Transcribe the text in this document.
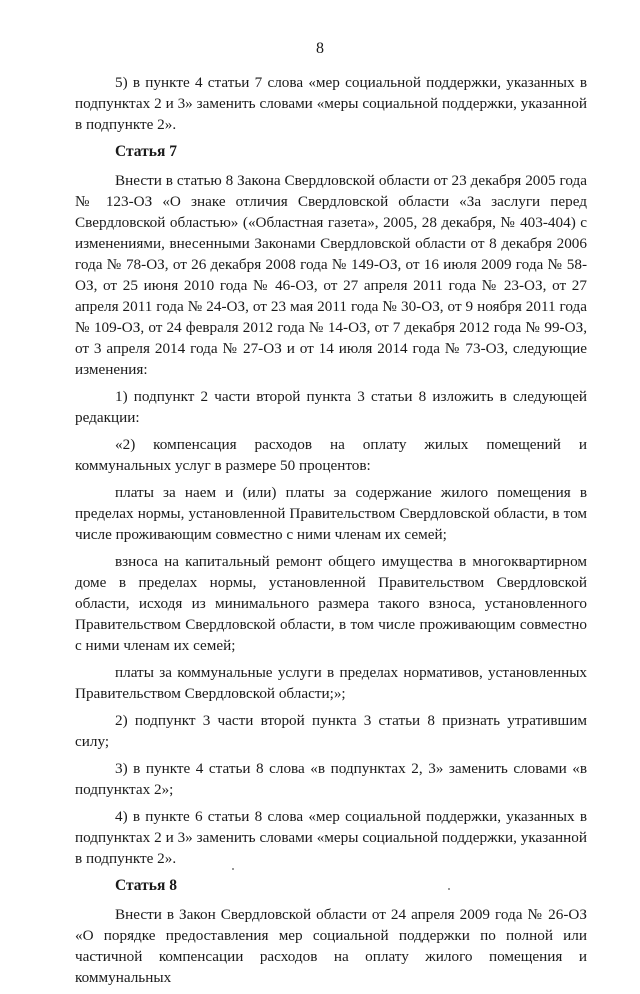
8

5) в пункте 4 статьи 7 слова «мер социальной поддержки, указанных в подпунктах 2 и 3» заменить словами «меры социальной поддержки, указанной в подпункте 2».

Статья 7

Внести в статью 8 Закона Свердловской области от 23 декабря 2005 года № 123-ОЗ «О знаке отличия Свердловской области «За заслуги перед Свердловской областью» («Областная газета», 2005, 28 декабря, № 403-404) с изменениями, внесенными Законами Свердловской области от 8 декабря 2006 года № 78-ОЗ, от 26 декабря 2008 года № 149-ОЗ, от 16 июля 2009 года № 58-ОЗ, от 25 июня 2010 года № 46-ОЗ, от 27 апреля 2011 года № 23-ОЗ, от 27 апреля 2011 года № 24-ОЗ, от 23 мая 2011 года № 30-ОЗ, от 9 ноября 2011 года № 109-ОЗ, от 24 февраля 2012 года № 14-ОЗ, от 7 декабря 2012 года № 99-ОЗ, от 3 апреля 2014 года № 27-ОЗ и от 14 июля 2014 года № 73-ОЗ, следующие изменения:

1) подпункт 2 части второй пункта 3 статьи 8 изложить в следующей редакции:

«2) компенсация расходов на оплату жилых помещений и коммунальных услуг в размере 50 процентов:

платы за наем и (или) платы за содержание жилого помещения в пределах нормы, установленной Правительством Свердловской области, в том числе проживающим совместно с ними членам их семей;

взноса на капитальный ремонт общего имущества в многоквартирном доме в пределах нормы, установленной Правительством Свердловской области, исходя из минимального размера такого взноса, установленного Правительством Свердловской области, в том числе проживающим совместно с ними членам их семей;

платы за коммунальные услуги в пределах нормативов, установленных Правительством Свердловской области;»;

2) подпункт 3 части второй пункта 3 статьи 8 признать утратившим силу;

3) в пункте 4 статьи 8 слова «в подпунктах 2, 3» заменить словами «в подпунктах 2»;

4) в пункте 6 статьи 8 слова «мер социальной поддержки, указанных в подпунктах 2 и 3» заменить словами «меры социальной поддержки, указанной в подпункте 2».

Статья 8

Внести в Закон Свердловской области от 24 апреля 2009 года № 26-ОЗ «О порядке предоставления мер социальной поддержки по полной или частичной компенсации расходов на оплату жилого помещения и коммунальных
